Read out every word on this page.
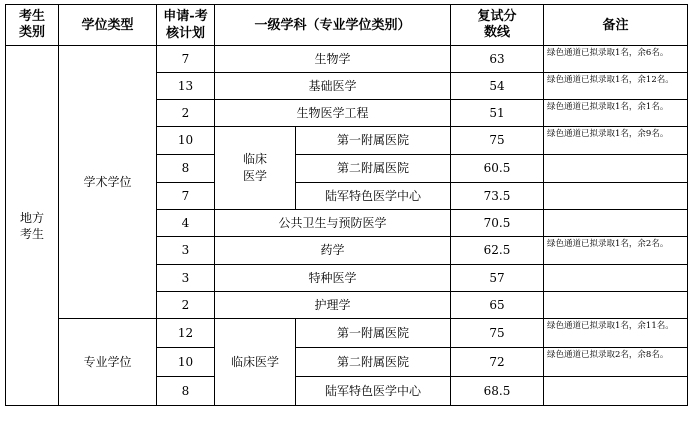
考生类别	学位类型	申请-考核计划	一级学科（专业学位类别）		复试分数线	备注
地方考生	学术学位	7	生物学		63	绿色通道已拟录取1名，余6名。
		13	基础医学		54	绿色通道已拟录取1名，余12名。
		2	生物医学工程		51	绿色通道已拟录取1名，余1名。
		10	临床医学	第一附属医院	75	绿色通道已拟录取1名，余9名。
		8		第二附属医院	60.5	
		7		陆军特色医学中心	73.5	
		4	公共卫生与预防医学		70.5	
		3	药学		62.5	绿色通道已拟录取1名，余2名。
		3	特种医学		57	
		2	护理学		65	
	专业学位	12	临床医学	第一附属医院	75	绿色通道已拟录取1名，余11名。
		10		第二附属医院	72	绿色通道已拟录取2名，余8名。
		8		陆军特色医学中心	68.5	
